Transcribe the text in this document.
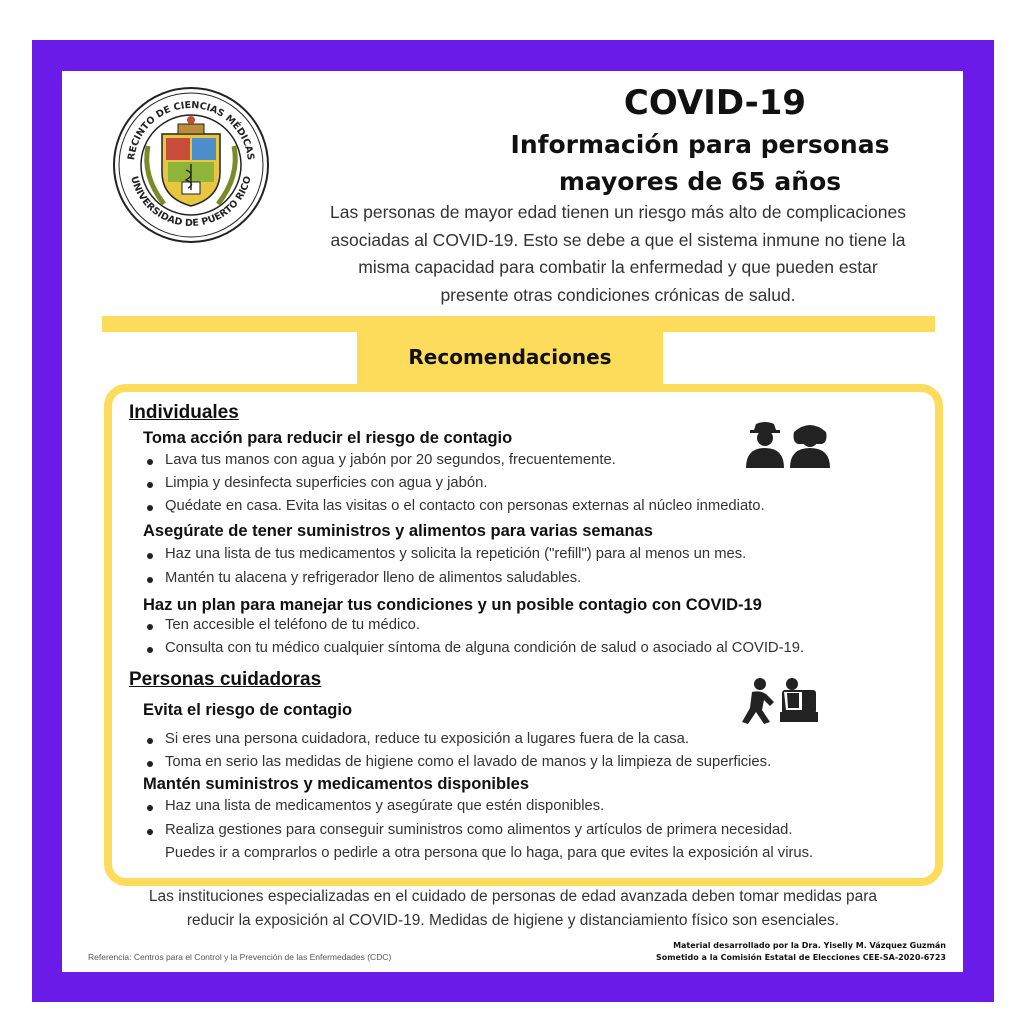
RECINTO DE CIENCIAS MÉDICAS
UNIVERSIDAD DE PUERTO RICO
COVID-19
Información para personas
mayores de 65 años
Las personas de mayor edad tienen un riesgo más alto de complicaciones
asociadas al COVID-19. Esto se debe a que el sistema inmune no tiene la
misma capacidad para combatir la enfermedad y que pueden estar
presente otras condiciones crónicas de salud.
Recomendaciones
Individuales
Toma acción para reducir el riesgo de contagio
Lava tus manos con agua y jabón por 20 segundos, frecuentemente.
Limpia y desinfecta superficies con agua y jabón.
Quédate en casa. Evita las visitas o el contacto con personas externas al núcleo inmediato.
Asegúrate de tener suministros y alimentos para varias semanas
Haz una lista de tus medicamentos y solicita la repetición ("refill") para al menos un mes.
Mantén tu alacena y refrigerador lleno de alimentos saludables.
Haz un plan para manejar tus condiciones y un posible contagio con COVID-19
Ten accesible el teléfono de tu médico.
Consulta con tu médico cualquier síntoma de alguna condición de salud o asociado al COVID-19.
Personas cuidadoras
Evita el riesgo de contagio
Si eres una persona cuidadora, reduce tu exposición a lugares fuera de la casa.
Toma en serio las medidas de higiene como el lavado de manos y la limpieza de superficies.
Mantén suministros y medicamentos disponibles
Haz una lista de medicamentos y asegúrate que estén disponibles.
Realiza gestiones para conseguir suministros como alimentos y artículos de primera necesidad.
Puedes ir a comprarlos o pedirle a otra persona que lo haga, para que evites la exposición al virus.
Las instituciones especializadas en el cuidado de personas de edad avanzada deben tomar medidas para
reducir la exposición al COVID-19. Medidas de higiene y distanciamiento físico son esenciales.
Referencia: Centros para el Control y la Prevención de las Enfermedades (CDC)
Material desarrollado por la Dra. Yiselly M. Vázquez Guzmán
Sometido a la Comisión Estatal de Elecciones CEE-SA-2020-6723
